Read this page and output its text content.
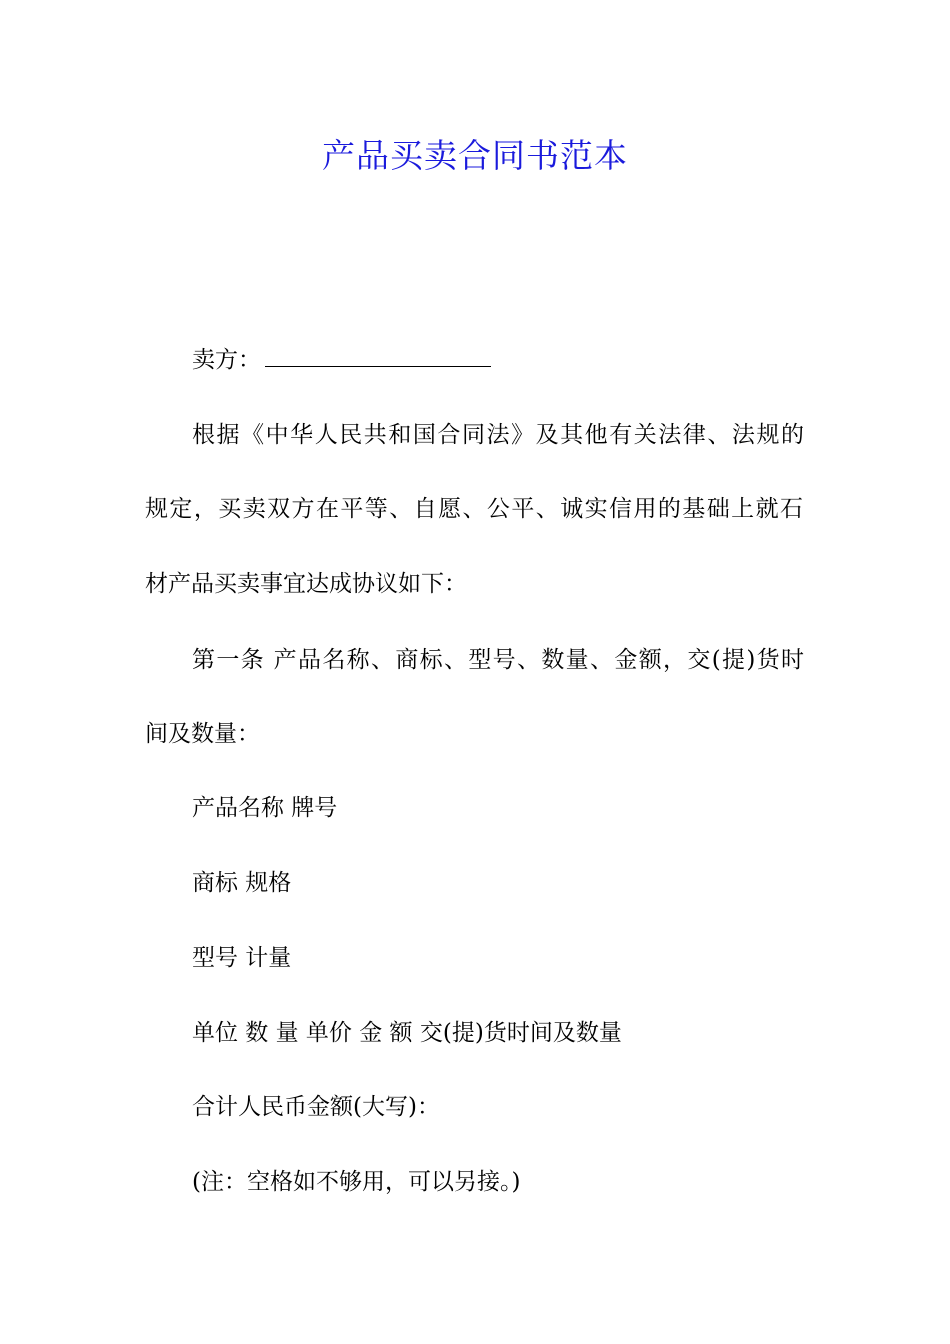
产品买卖合同书范本

卖方：

根据《中华人民共和国合同法》及其他有关法律、法规的

规定，买卖双方在平等、自愿、公平、诚实信用的基础上就石

材产品买卖事宜达成协议如下：

第一条 产品名称、商标、型号、数量、金额，交(提)货时

间及数量：

产品名称 牌号

商标 规格

型号 计量

单位 数 量 单价 金 额 交(提)货时间及数量

合计人民币金额(大写)：

(注：空格如不够用，可以另接。)
